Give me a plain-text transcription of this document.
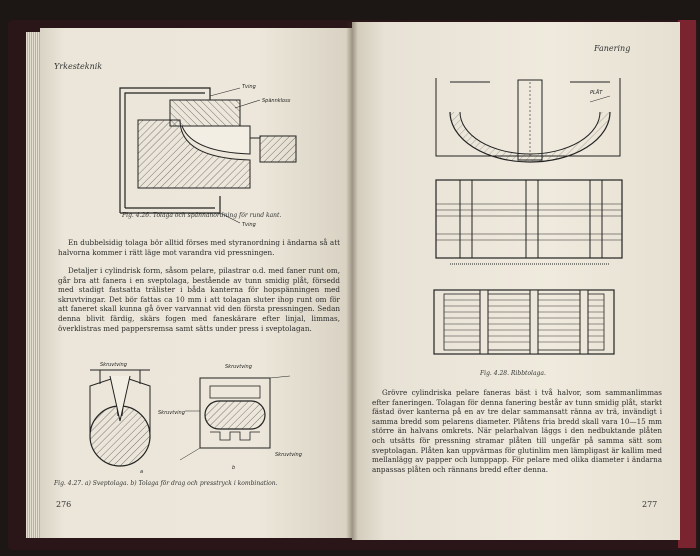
Yrkesteknik
Tving
Spännkloss
Tving
Fig. 4.26. Tolaga och spännanordning för rund kant.

En dubbelsidig tolaga bör alltid förses med styranordning i ändarna så att halvorna kommer i rätt läge mot varandra vid pressningen.

Detaljer i cylindrisk form, såsom pelare, pilastrar o.d. med faner runt om, går bra att fanera i en sveptolaga, bestående av tunn smidig plåt, försedd med stadigt fastsatta trälister i båda kanterna för hopspänningen med skruvtvingar. Det bör fattas ca 10 mm i att tolagan sluter ihop runt om för att faneret skall kunna gå över varvannat vid den första pressningen. Sedan denna blivit färdig, skärs fogen med faneskärare efter linjal, limmas, överklistras med pappersremsa samt sätts under press i sveptolagan.

Skruvtving
a
Skruvtving
Skruvtving
Skruvtving
b
Fig. 4.27. a) Sveptolaga. b) Tolaga för drag och presstryck i kombination.
276
Fanering
PLÅT
Fig. 4.28. Ribbtolaga.

Grövre cylindriska pelare faneras bäst i två halvor, som sammanlimmas efter faneringen. Tolagan för denna fanering består av tunn smidig plåt, starkt fästad över kanterna på en av tre delar sammansatt ränna av trä, invändigt i samma bredd som pelarens diameter. Plåtens fria bredd skall vara 10—15 mm större än halvans omkrets. När pelarhalvan läggs i den nedbuktande plåten och utsätts för pressning stramar plåten till ungefär på samma sätt som sveptolagan. Plåten kan uppvärmas för glutinlim men lämpligast är kallim med mellanlägg av papper och lumppapp. För pelare med olika diameter i ändarna anpassas plåten och rännans bredd efter denna.

277
